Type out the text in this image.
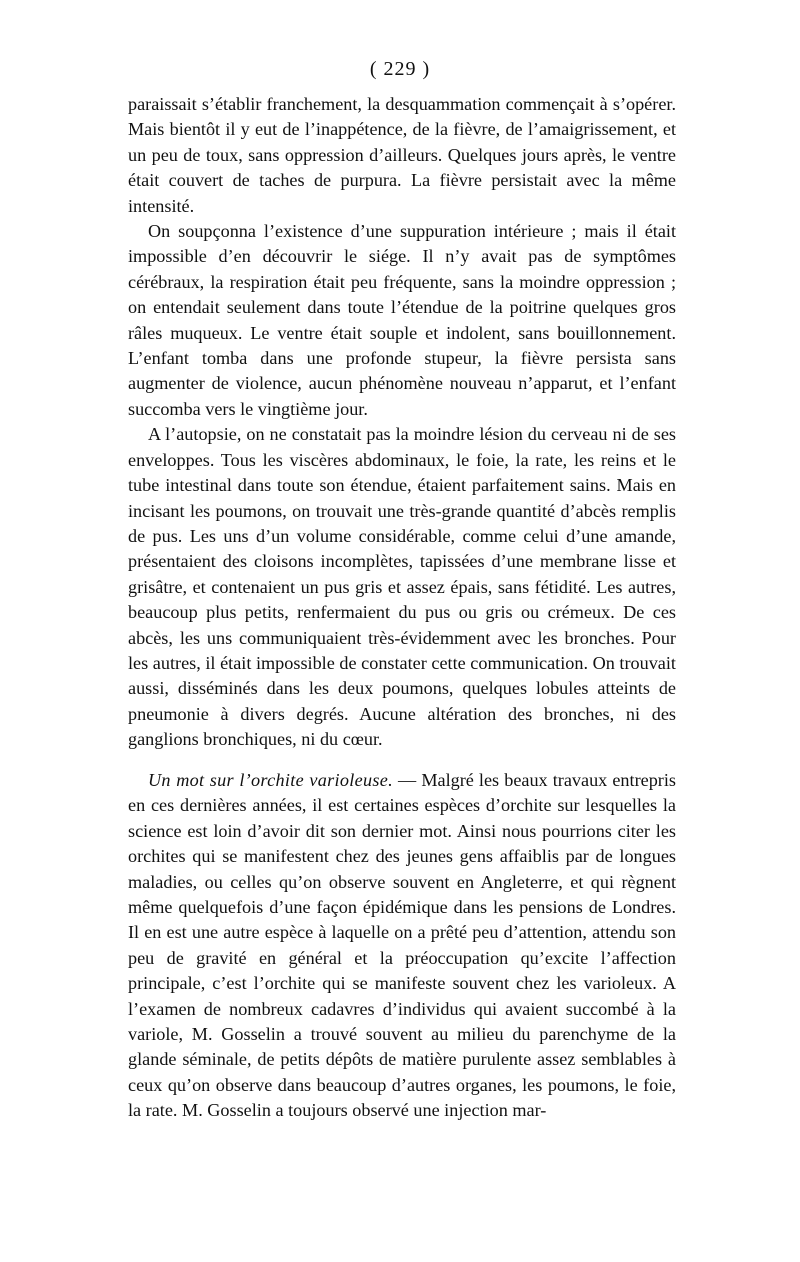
( 229 )

paraissait s’établir franchement, la desquammation commençait à s’opérer. Mais bientôt il y eut de l’inappétence, de la fièvre, de l’amaigrissement, et un peu de toux, sans oppression d’ailleurs. Quelques jours après, le ventre était couvert de taches de purpura. La fièvre persistait avec la même intensité.

On soupçonna l’existence d’une suppuration intérieure ; mais il était impossible d’en découvrir le siége. Il n’y avait pas de symptômes cérébraux, la respiration était peu fréquente, sans la moindre oppression ; on entendait seulement dans toute l’étendue de la poitrine quelques gros râles muqueux. Le ventre était souple et indolent, sans bouillonnement. L’enfant tomba dans une profonde stupeur, la fièvre persista sans augmenter de violence, aucun phénomène nouveau n’apparut, et l’enfant succomba vers le vingtième jour.

A l’autopsie, on ne constatait pas la moindre lésion du cerveau ni de ses enveloppes. Tous les viscères abdominaux, le foie, la rate, les reins et le tube intestinal dans toute son étendue, étaient parfaitement sains. Mais en incisant les poumons, on trouvait une très-grande quantité d’abcès remplis de pus. Les uns d’un volume considérable, comme celui d’une amande, présentaient des cloisons incomplètes, tapissées d’une membrane lisse et grisâtre, et contenaient un pus gris et assez épais, sans fétidité. Les autres, beaucoup plus petits, renfermaient du pus ou gris ou crémeux. De ces abcès, les uns communiquaient très-évidemment avec les bronches. Pour les autres, il était impossible de constater cette communication. On trouvait aussi, disséminés dans les deux poumons, quelques lobules atteints de pneumonie à divers degrés. Aucune altération des bronches, ni des ganglions bronchiques, ni du cœur.

Un mot sur l’orchite varioleuse. — Malgré les beaux travaux entrepris en ces dernières années, il est certaines espèces d’orchite sur lesquelles la science est loin d’avoir dit son dernier mot. Ainsi nous pourrions citer les orchites qui se manifestent chez des jeunes gens affaiblis par de longues maladies, ou celles qu’on observe souvent en Angleterre, et qui règnent même quelquefois d’une façon épidémique dans les pensions de Londres. Il en est une autre espèce à laquelle on a prêté peu d’attention, attendu son peu de gravité en général et la préoccupation qu’excite l’affection principale, c’est l’orchite qui se manifeste souvent chez les varioleux. A l’examen de nombreux cadavres d’individus qui avaient succombé à la variole, M. Gosselin a trouvé souvent au milieu du parenchyme de la glande séminale, de petits dépôts de matière purulente assez semblables à ceux qu’on observe dans beaucoup d’autres organes, les poumons, le foie, la rate. M. Gosselin a toujours observé une injection mar-
